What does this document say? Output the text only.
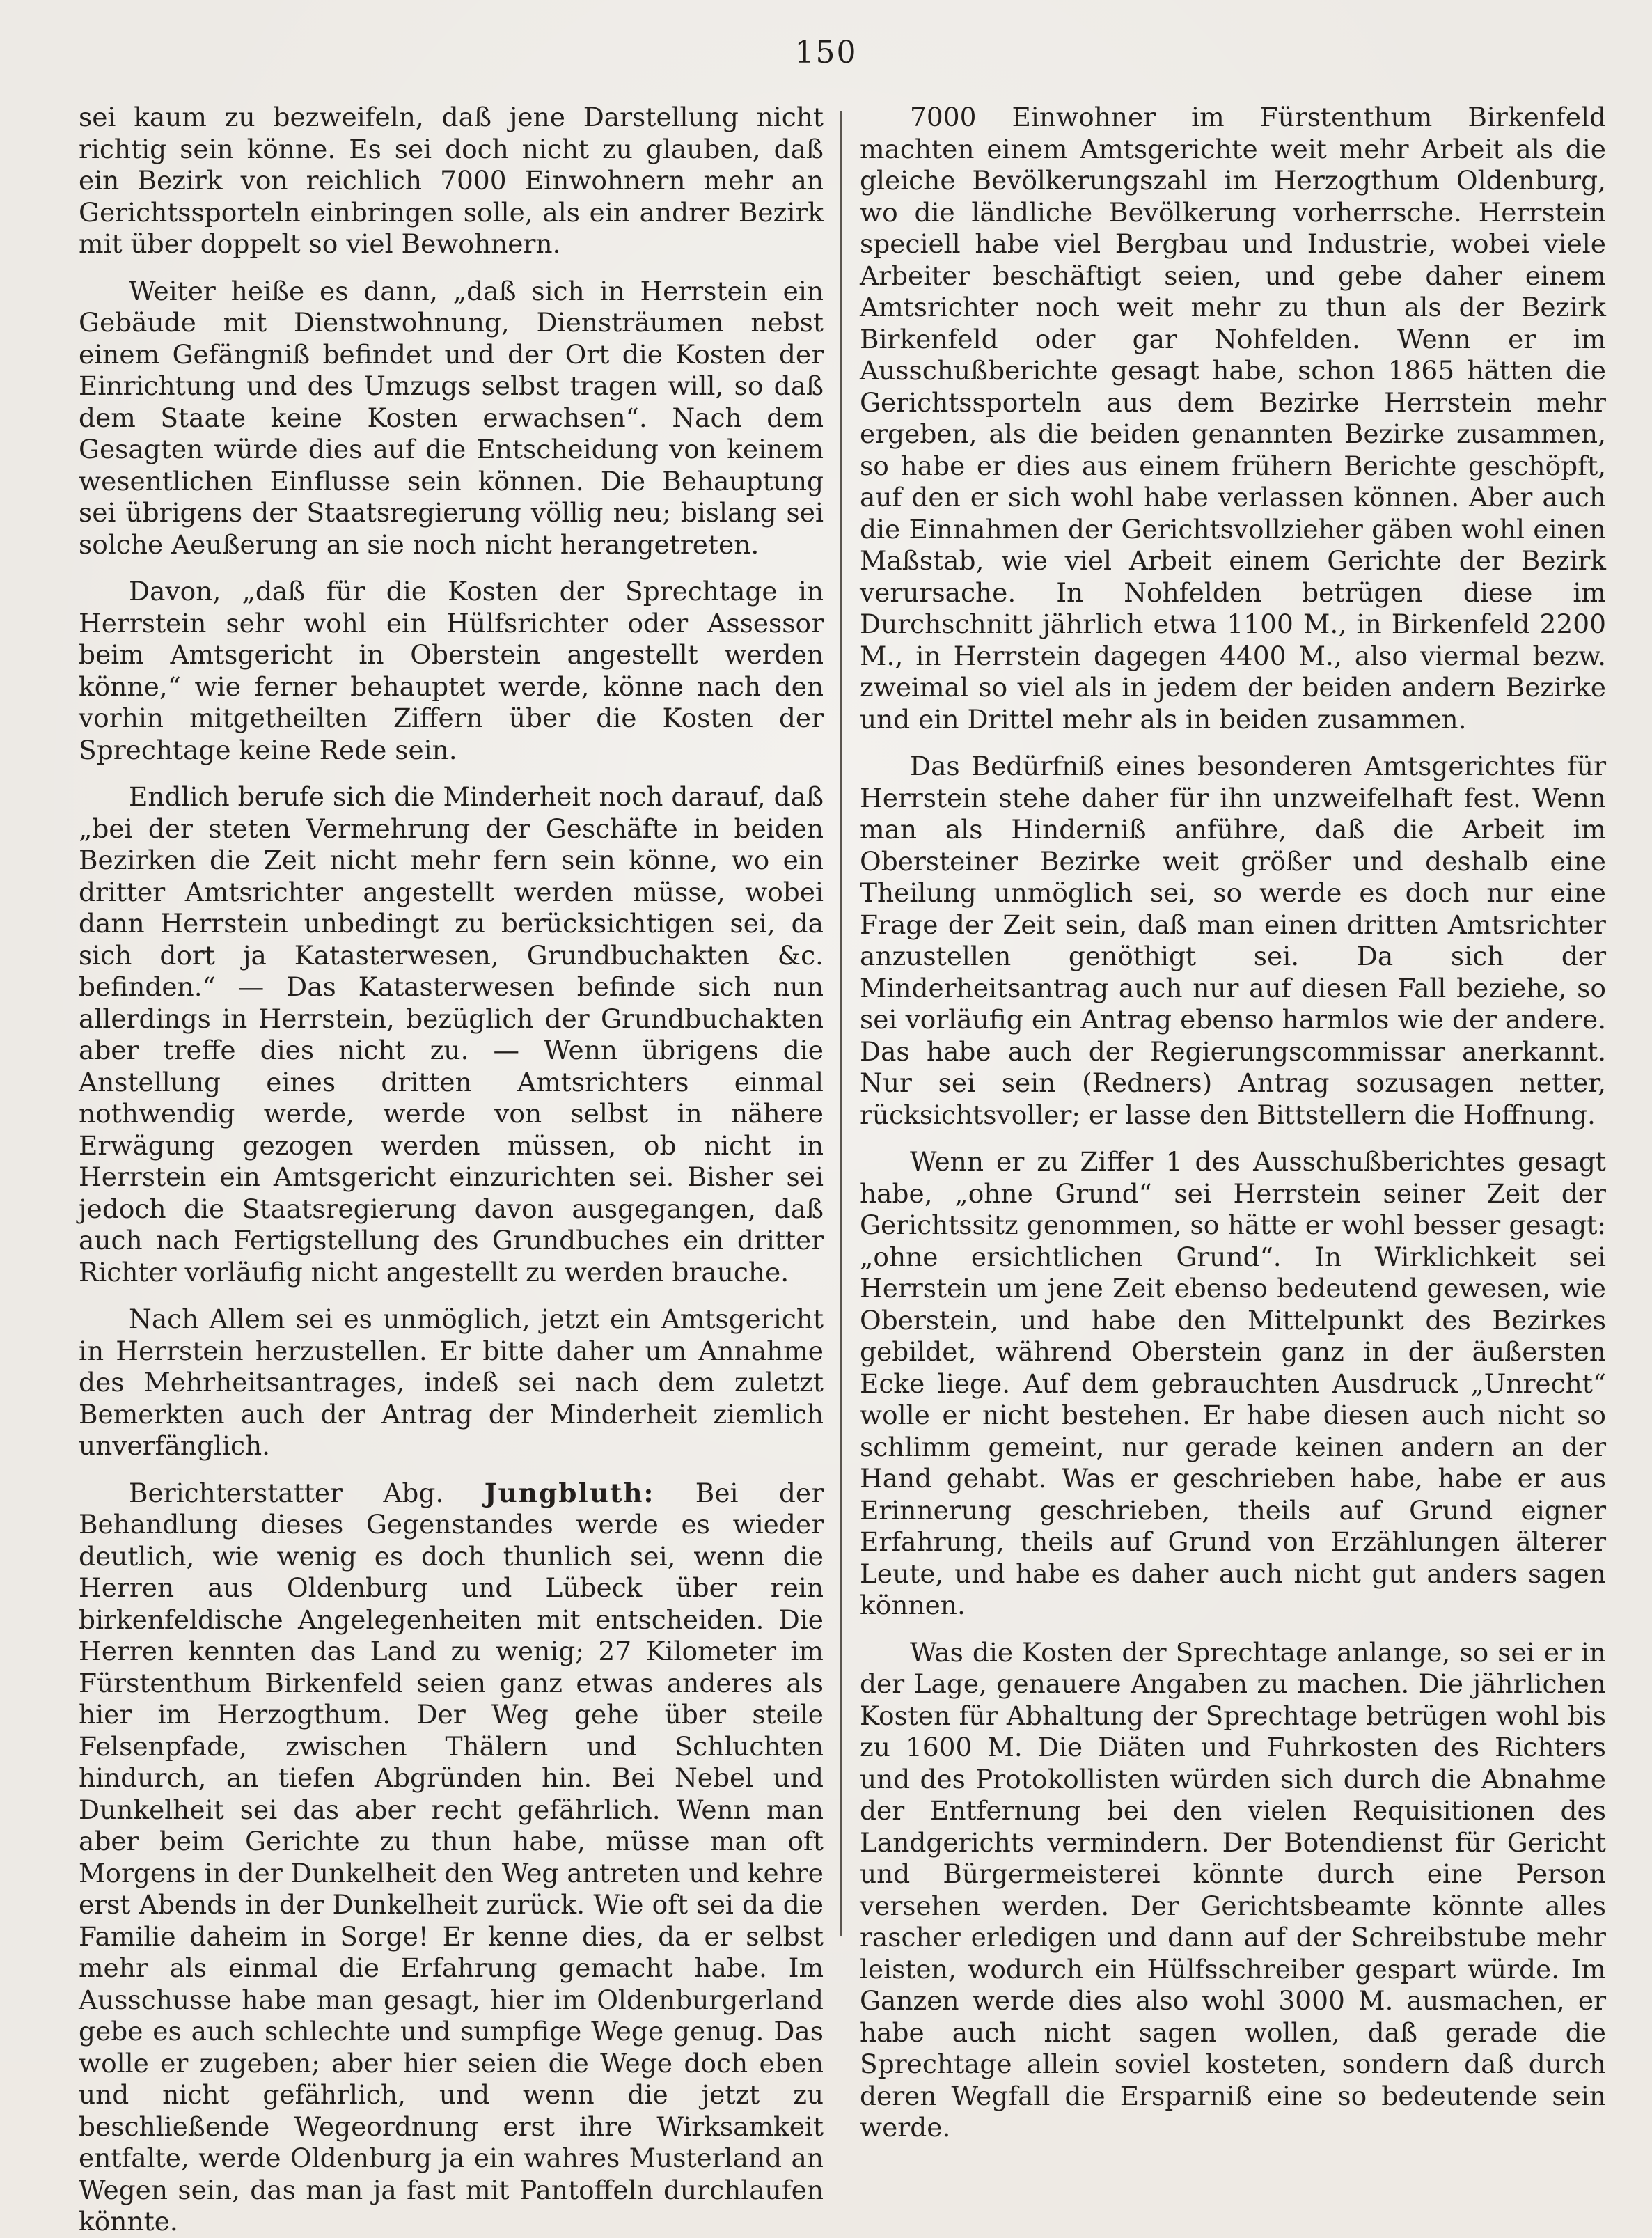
150

sei kaum zu bezweifeln, daß jene Darstellung nicht richtig sein könne. Es sei doch nicht zu glauben, daß ein Bezirk von reichlich 7000 Einwohnern mehr an Gerichtssporteln einbringen solle, als ein andrer Bezirk mit über doppelt so viel Bewohnern.

Weiter heiße es dann, „daß sich in Herrstein ein Gebäude mit Dienstwohnung, Diensträumen nebst einem Gefängniß befindet und der Ort die Kosten der Einrichtung und des Umzugs selbst tragen will, so daß dem Staate keine Kosten erwachsen“. Nach dem Gesagten würde dies auf die Entscheidung von keinem wesentlichen Einflusse sein können. Die Behauptung sei übrigens der Staatsregierung völlig neu; bislang sei solche Aeußerung an sie noch nicht herangetreten.

Davon, „daß für die Kosten der Sprechtage in Herrstein sehr wohl ein Hülfsrichter oder Assessor beim Amtsgericht in Oberstein angestellt werden könne,“ wie ferner behauptet werde, könne nach den vorhin mitgetheilten Ziffern über die Kosten der Sprechtage keine Rede sein.

Endlich berufe sich die Minderheit noch darauf, daß „bei der steten Vermehrung der Geschäfte in beiden Bezirken die Zeit nicht mehr fern sein könne, wo ein dritter Amtsrichter angestellt werden müsse, wobei dann Herrstein unbedingt zu berücksichtigen sei, da sich dort ja Katasterwesen, Grundbuchakten &c. befinden.“ — Das Katasterwesen befinde sich nun allerdings in Herrstein, bezüglich der Grundbuchakten aber treffe dies nicht zu. — Wenn übrigens die Anstellung eines dritten Amtsrichters einmal nothwendig werde, werde von selbst in nähere Erwägung gezogen werden müssen, ob nicht in Herrstein ein Amtsgericht einzurichten sei. Bisher sei jedoch die Staatsregierung davon ausgegangen, daß auch nach Fertigstellung des Grundbuches ein dritter Richter vorläufig nicht angestellt zu werden brauche.

Nach Allem sei es unmöglich, jetzt ein Amtsgericht in Herrstein herzustellen. Er bitte daher um Annahme des Mehrheitsantrages, indeß sei nach dem zuletzt Bemerkten auch der Antrag der Minderheit ziemlich unverfänglich.

Berichterstatter Abg. Jungbluth: Bei der Behandlung dieses Gegenstandes werde es wieder deutlich, wie wenig es doch thunlich sei, wenn die Herren aus Oldenburg und Lübeck über rein birkenfeldische Angelegenheiten mit entscheiden. Die Herren kennten das Land zu wenig; 27 Kilometer im Fürstenthum Birkenfeld seien ganz etwas anderes als hier im Herzogthum. Der Weg gehe über steile Felsenpfade, zwischen Thälern und Schluchten hindurch, an tiefen Abgründen hin. Bei Nebel und Dunkelheit sei das aber recht gefährlich. Wenn man aber beim Gerichte zu thun habe, müsse man oft Morgens in der Dunkelheit den Weg antreten und kehre erst Abends in der Dunkelheit zurück. Wie oft sei da die Familie daheim in Sorge! Er kenne dies, da er selbst mehr als einmal die Erfahrung gemacht habe. Im Ausschusse habe man gesagt, hier im Oldenburgerland gebe es auch schlechte und sumpfige Wege genug. Das wolle er zugeben; aber hier seien die Wege doch eben und nicht gefährlich, und wenn die jetzt zu beschließende Wegeordnung erst ihre Wirksamkeit entfalte, werde Oldenburg ja ein wahres Musterland an Wegen sein, das man ja fast mit Pantoffeln durchlaufen könnte.

7000 Einwohner im Fürstenthum Birkenfeld machten einem Amtsgerichte weit mehr Arbeit als die gleiche Bevölkerungszahl im Herzogthum Oldenburg, wo die ländliche Bevölkerung vorherrsche. Herrstein speciell habe viel Bergbau und Industrie, wobei viele Arbeiter beschäftigt seien, und gebe daher einem Amtsrichter noch weit mehr zu thun als der Bezirk Birkenfeld oder gar Nohfelden. Wenn er im Ausschußberichte gesagt habe, schon 1865 hätten die Gerichtssporteln aus dem Bezirke Herrstein mehr ergeben, als die beiden genannten Bezirke zusammen, so habe er dies aus einem frühern Berichte geschöpft, auf den er sich wohl habe verlassen können. Aber auch die Einnahmen der Gerichtsvollzieher gäben wohl einen Maßstab, wie viel Arbeit einem Gerichte der Bezirk verursache. In Nohfelden betrügen diese im Durchschnitt jährlich etwa 1100 M., in Birkenfeld 2200 M., in Herrstein dagegen 4400 M., also viermal bezw. zweimal so viel als in jedem der beiden andern Bezirke und ein Drittel mehr als in beiden zusammen.

Das Bedürfniß eines besonderen Amtsgerichtes für Herrstein stehe daher für ihn unzweifelhaft fest. Wenn man als Hinderniß anführe, daß die Arbeit im Obersteiner Bezirke weit größer und deshalb eine Theilung unmöglich sei, so werde es doch nur eine Frage der Zeit sein, daß man einen dritten Amtsrichter anzustellen genöthigt sei. Da sich der Minderheitsantrag auch nur auf diesen Fall beziehe, so sei vorläufig ein Antrag ebenso harmlos wie der andere. Das habe auch der Regierungscommissar anerkannt. Nur sei sein (Redners) Antrag sozusagen netter, rücksichtsvoller; er lasse den Bittstellern die Hoffnung.

Wenn er zu Ziffer 1 des Ausschußberichtes gesagt habe, „ohne Grund“ sei Herrstein seiner Zeit der Gerichtssitz genommen, so hätte er wohl besser gesagt: „ohne ersichtlichen Grund“. In Wirklichkeit sei Herrstein um jene Zeit ebenso bedeutend gewesen, wie Oberstein, und habe den Mittelpunkt des Bezirkes gebildet, während Oberstein ganz in der äußersten Ecke liege. Auf dem gebrauchten Ausdruck „Unrecht“ wolle er nicht bestehen. Er habe diesen auch nicht so schlimm gemeint, nur gerade keinen andern an der Hand gehabt. Was er geschrieben habe, habe er aus Erinnerung geschrieben, theils auf Grund eigner Erfahrung, theils auf Grund von Erzählungen älterer Leute, und habe es daher auch nicht gut anders sagen können.

Was die Kosten der Sprechtage anlange, so sei er in der Lage, genauere Angaben zu machen. Die jährlichen Kosten für Abhaltung der Sprechtage betrügen wohl bis zu 1600 M. Die Diäten und Fuhrkosten des Richters und des Protokollisten würden sich durch die Abnahme der Entfernung bei den vielen Requisitionen des Landgerichts vermindern. Der Botendienst für Gericht und Bürgermeisterei könnte durch eine Person versehen werden. Der Gerichtsbeamte könnte alles rascher erledigen und dann auf der Schreibstube mehr leisten, wodurch ein Hülfsschreiber gespart würde. Im Ganzen werde dies also wohl 3000 M. ausmachen, er habe auch nicht sagen wollen, daß gerade die Sprechtage allein soviel kosteten, sondern daß durch deren Wegfall die Ersparniß eine so bedeutende sein werde.
